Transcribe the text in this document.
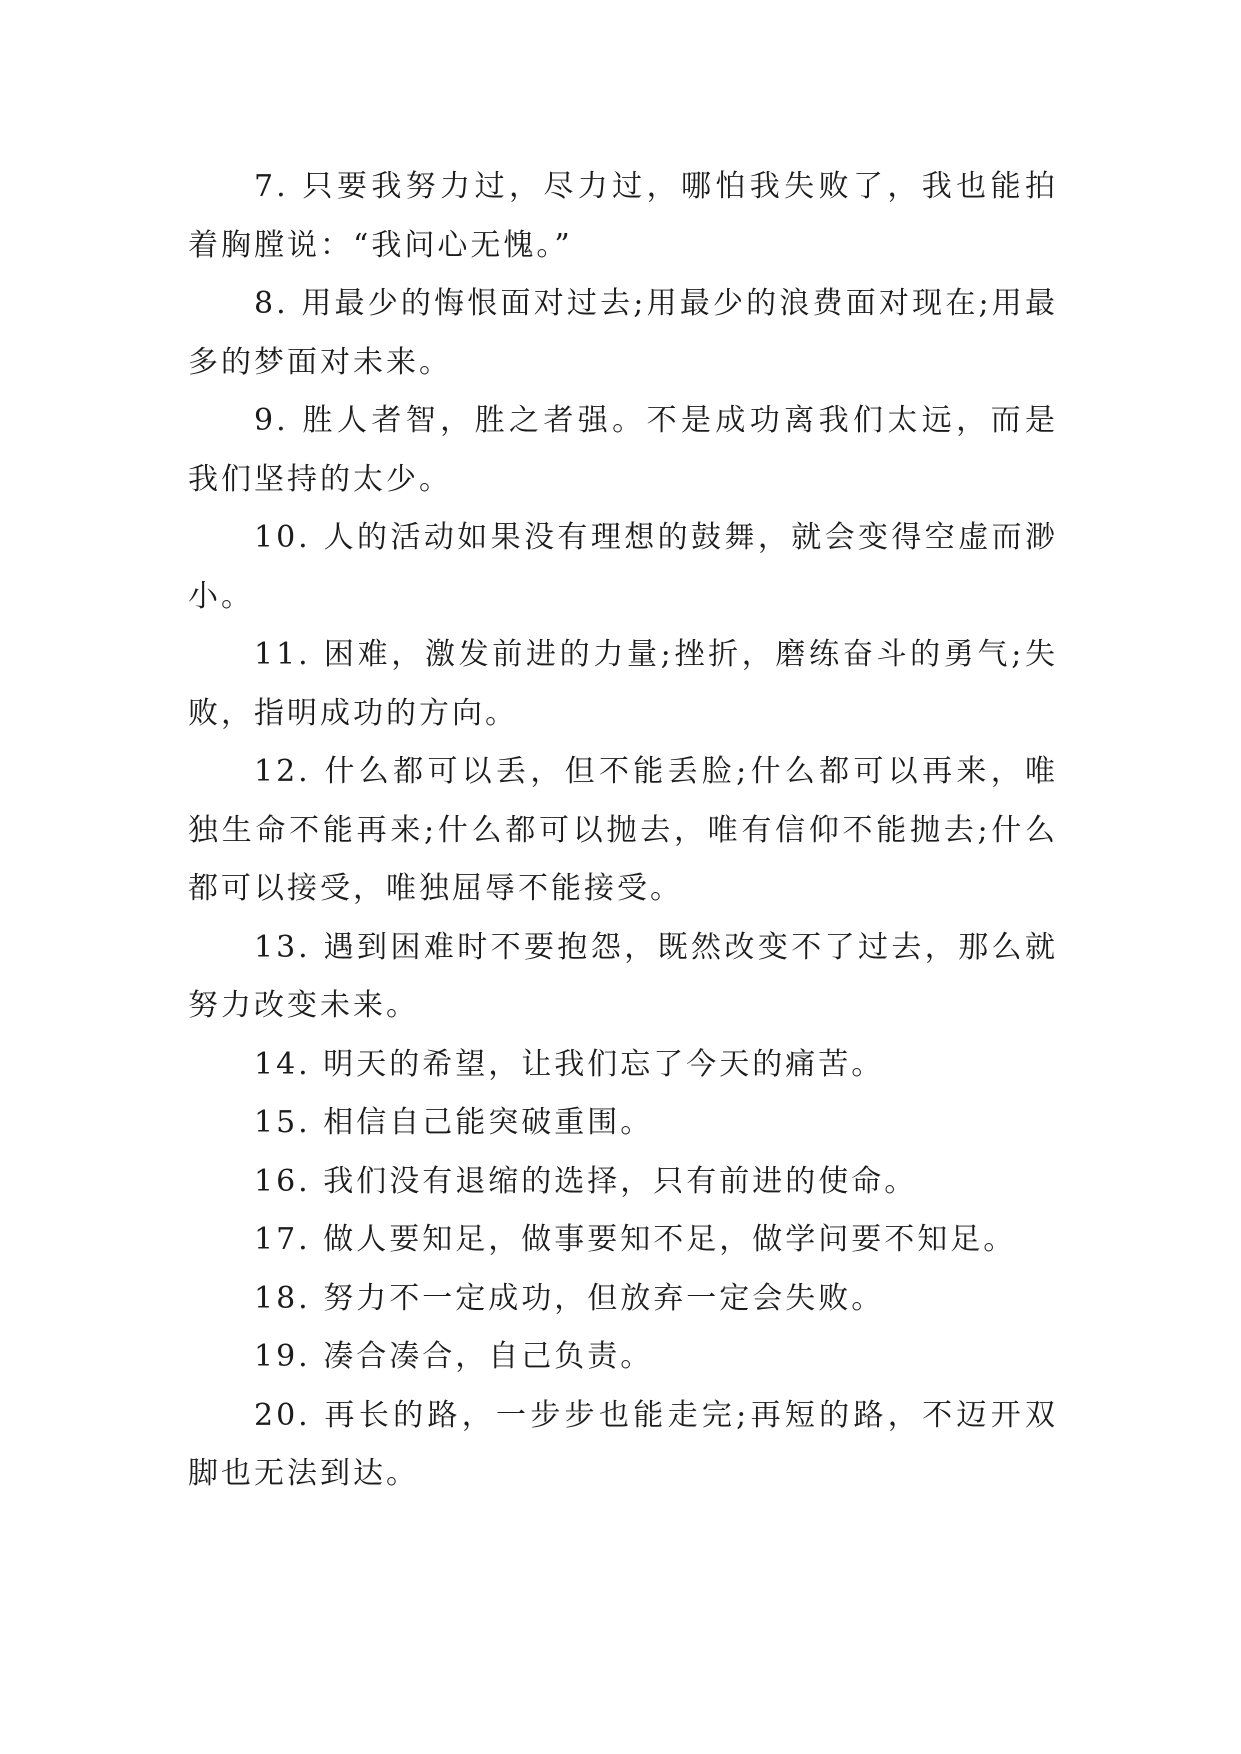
7. 只要我努力过，尽力过，哪怕我失败了，我也能拍着胸膛说：“我问心无愧。”

8. 用最少的悔恨面对过去;用最少的浪费面对现在;用最多的梦面对未来。

9. 胜人者智，胜之者强。不是成功离我们太远，而是我们坚持的太少。

10. 人的活动如果没有理想的鼓舞，就会变得空虚而渺小。

11. 困难，激发前进的力量;挫折，磨练奋斗的勇气;失败，指明成功的方向。

12. 什么都可以丢，但不能丢脸;什么都可以再来，唯独生命不能再来;什么都可以抛去，唯有信仰不能抛去;什么都可以接受，唯独屈辱不能接受。

13. 遇到困难时不要抱怨，既然改变不了过去，那么就努力改变未来。

14. 明天的希望，让我们忘了今天的痛苦。

15. 相信自己能突破重围。

16. 我们没有退缩的选择，只有前进的使命。

17. 做人要知足，做事要知不足，做学问要不知足。

18. 努力不一定成功，但放弃一定会失败。

19. 凑合凑合，自己负责。

20. 再长的路，一步步也能走完;再短的路，不迈开双脚也无法到达。
